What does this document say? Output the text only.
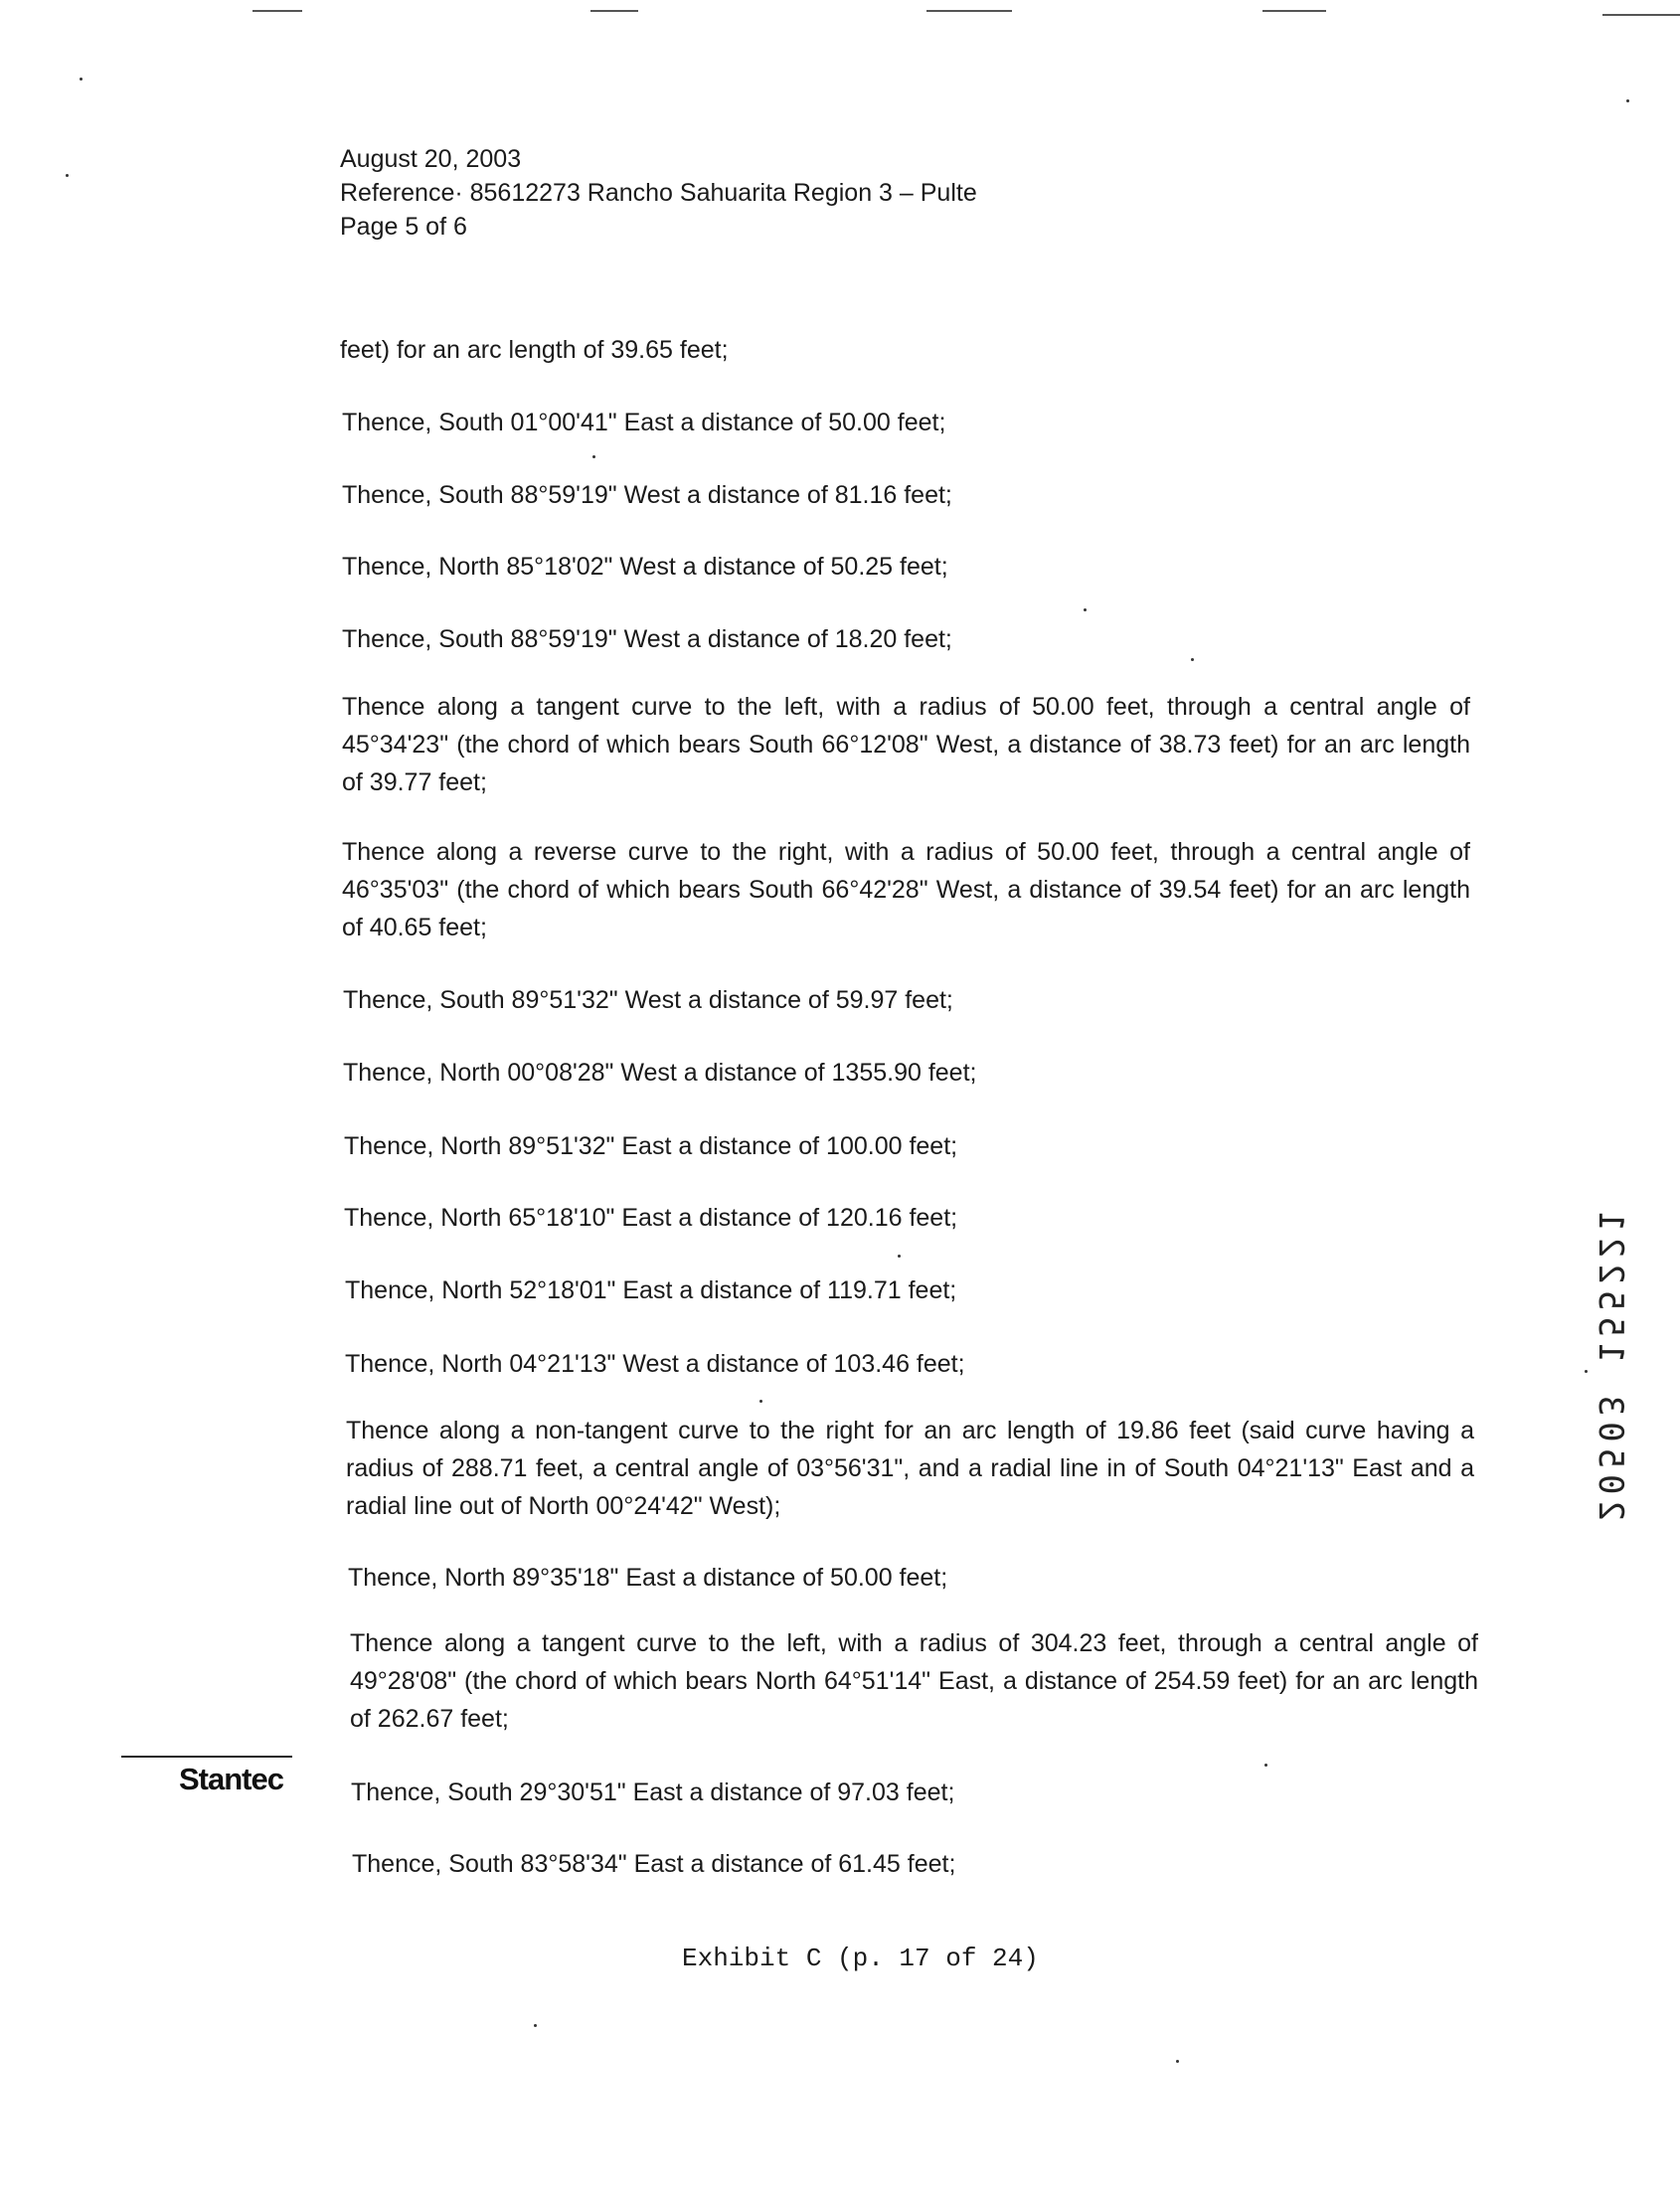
August 20, 2003
Reference· 85612273 Rancho Sahuarita Region 3 – Pulte
Page 5 of 6
feet) for an arc length of 39.65 feet;
Thence, South 01°00'41" East a distance of 50.00 feet;
Thence, South 88°59'19" West a distance of 81.16 feet;
Thence, North 85°18'02" West a distance of 50.25 feet;
Thence, South 88°59'19" West a distance of 18.20 feet;
Thence along a tangent curve to the left, with a radius of 50.00 feet, through a central angle of 45°34'23" (the chord of which bears South 66°12'08" West, a distance of 38.73 feet) for an arc length of 39.77 feet;
Thence along a reverse curve to the right, with a radius of 50.00 feet, through a central angle of 46°35'03" (the chord of which bears South 66°42'28" West, a distance of 39.54 feet) for an arc length of 40.65 feet;
Thence, South 89°51'32" West a distance of 59.97 feet;
Thence, North 00°08'28" West a distance of 1355.90 feet;
Thence, North 89°51'32" East a distance of 100.00 feet;
Thence, North 65°18'10" East a distance of 120.16 feet;
Thence, North 52°18'01" East a distance of 119.71 feet;
Thence, North 04°21'13" West a distance of 103.46 feet;
Thence along a non-tangent curve to the right for an arc length of 19.86 feet (said curve having a radius of 288.71 feet, a central angle of 03°56'31", and a radial line in of South 04°21'13" East and a radial line out of North 00°24'42" West);
Thence, North 89°35'18" East a distance of 50.00 feet;
Thence along a tangent curve to the left, with a radius of 304.23 feet, through a central angle of 49°28'08" (the chord of which bears North 64°51'14" East, a distance of 254.59 feet) for an arc length of 262.67 feet;
Thence, South 29°30'51" East a distance of 97.03 feet;
Thence, South 83°58'34" East a distance of 61.45 feet;
Stantec
Exhibit C (p. 17 of 24)
20503 155221
